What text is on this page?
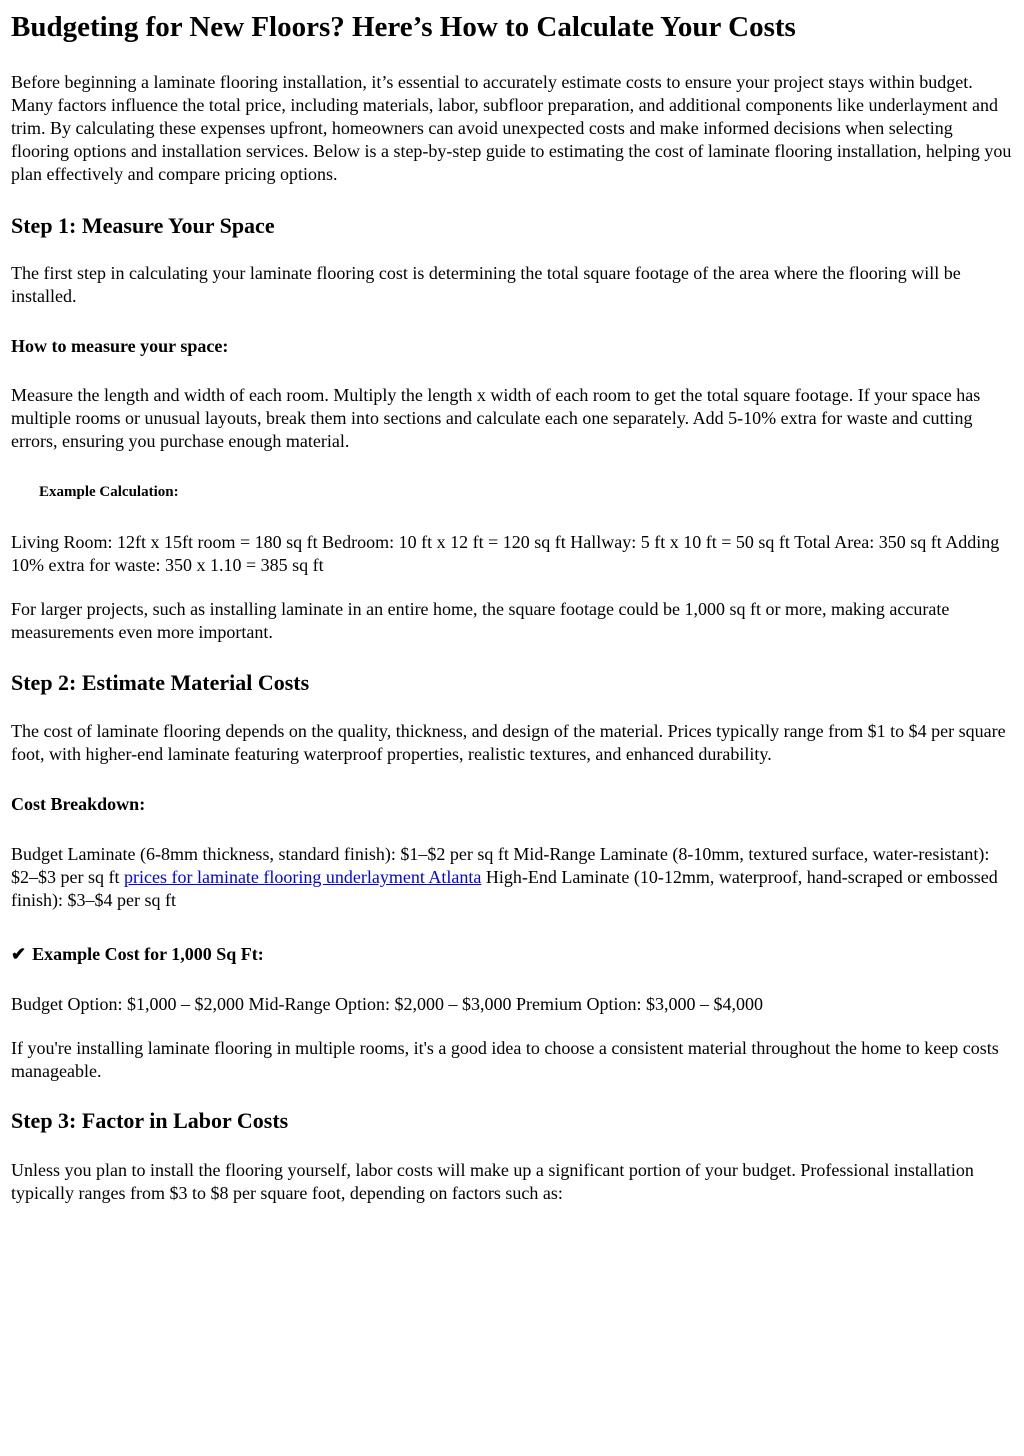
Budgeting for New Floors? Here’s How to Calculate Your Costs

Before beginning a laminate flooring installation, it’s essential to accurately estimate costs to ensure your project stays within budget. Many factors influence the total price, including materials, labor, subfloor preparation, and additional components like underlayment and trim. By calculating these expenses upfront, homeowners can avoid unexpected costs and make informed decisions when selecting flooring options and installation services. Below is a step-by-step guide to estimating the cost of laminate flooring installation, helping you plan effectively and compare pricing options.

Step 1: Measure Your Space

The first step in calculating your laminate flooring cost is determining the total square footage of the area where the flooring will be installed.

How to measure your space:

Measure the length and width of each room. Multiply the length x width of each room to get the total square footage. If your space has multiple rooms or unusual layouts, break them into sections and calculate each one separately. Add 5-10% extra for waste and cutting errors, ensuring you purchase enough material.

Example Calculation:

Living Room: 12ft x 15ft room = 180 sq ft Bedroom: 10 ft x 12 ft = 120 sq ft Hallway: 5 ft x 10 ft = 50 sq ft Total Area: 350 sq ft Adding 10% extra for waste: 350 x 1.10 = 385 sq ft

For larger projects, such as installing laminate in an entire home, the square footage could be 1,000 sq ft or more, making accurate measurements even more important.

Step 2: Estimate Material Costs

The cost of laminate flooring depends on the quality, thickness, and design of the material. Prices typically range from $1 to $4 per square foot, with higher-end laminate featuring waterproof properties, realistic textures, and enhanced durability.

Cost Breakdown:

Budget Laminate (6-8mm thickness, standard finish): $1–$2 per sq ft Mid-Range Laminate (8-10mm, textured surface, water-resistant): $2–$3 per sq ft prices for laminate flooring underlayment Atlanta High-End Laminate (10-12mm, waterproof, hand-scraped or embossed finish): $3–$4 per sq ft

✔ Example Cost for 1,000 Sq Ft:

Budget Option: $1,000 – $2,000 Mid-Range Option: $2,000 – $3,000 Premium Option: $3,000 – $4,000

If you're installing laminate flooring in multiple rooms, it's a good idea to choose a consistent material throughout the home to keep costs manageable.

Step 3: Factor in Labor Costs

Unless you plan to install the flooring yourself, labor costs will make up a significant portion of your budget. Professional installation typically ranges from $3 to $8 per square foot, depending on factors such as:
